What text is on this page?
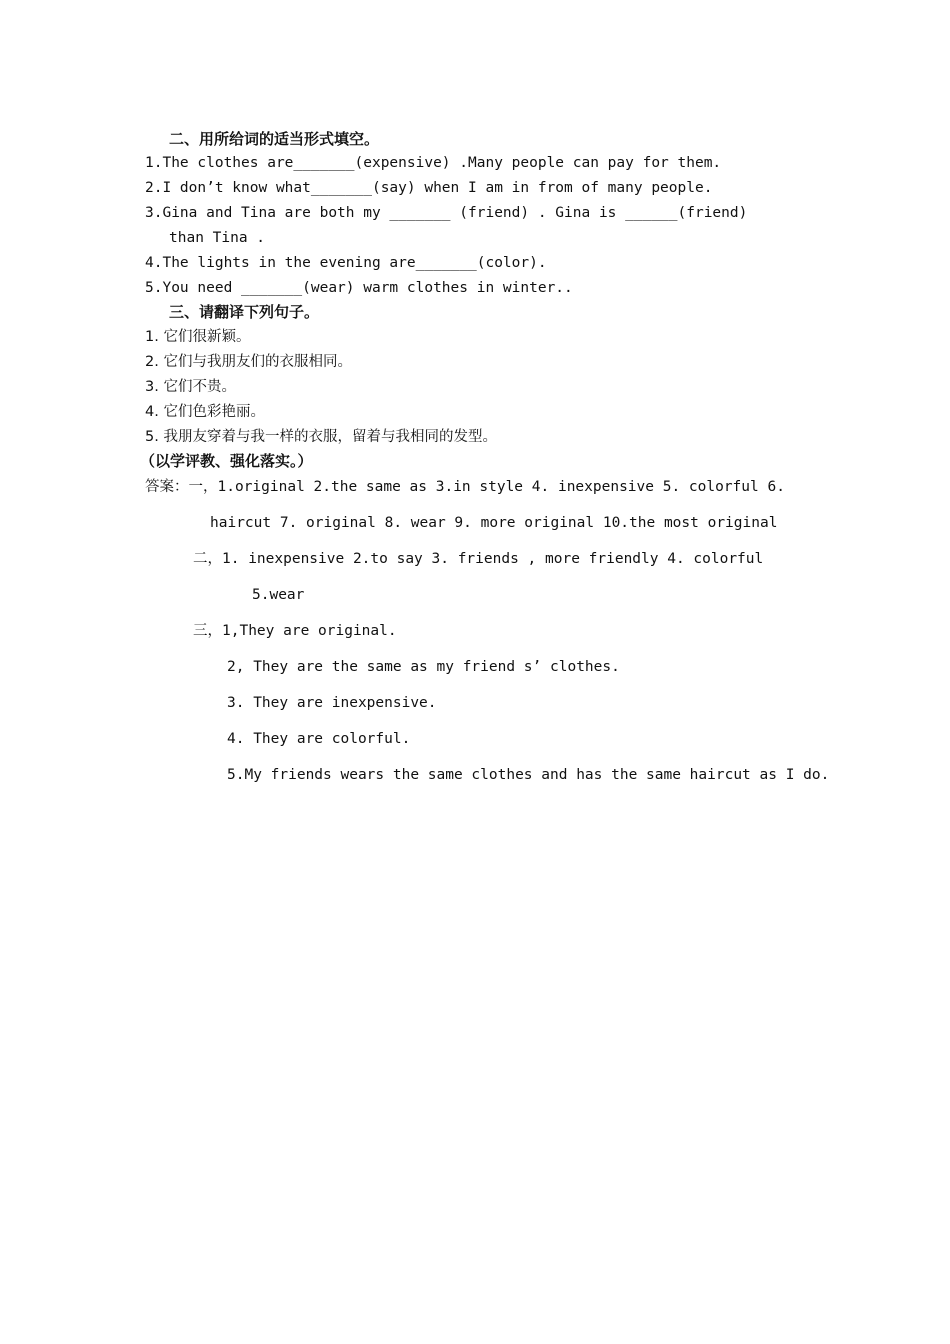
二、用所给词的适当形式填空。
1.The clothes are_______(expensive) .Many people can pay for them.
2.I don’t know what_______(say) when I am in from of many people.
3.Gina and Tina are both my _______ (friend) . Gina is ______(friend)
than Tina .
4.The lights in the evening are_______(color).
5.You need _______(wear) warm clothes in winter..
三、请翻译下列句子。
1. 它们很新颖。
2. 它们与我朋友们的衣服相同。
3. 它们不贵。
4. 它们色彩艳丽。
5. 我朋友穿着与我一样的衣服，留着与我相同的发型。
（以学评教、强化落实。）
答案：一，1.original 2.the same as 3.in style 4. inexpensive 5. colorful 6.
haircut 7. original 8. wear 9. more original 10.the most original
二，1. inexpensive 2.to say 3. friends , more friendly 4. colorful
5.wear
三，1,They are original.
2, They are the same as my friend s’ clothes.
3. They are inexpensive.
4. They are colorful.
5.My friends wears the same clothes and has the same haircut as I do.
